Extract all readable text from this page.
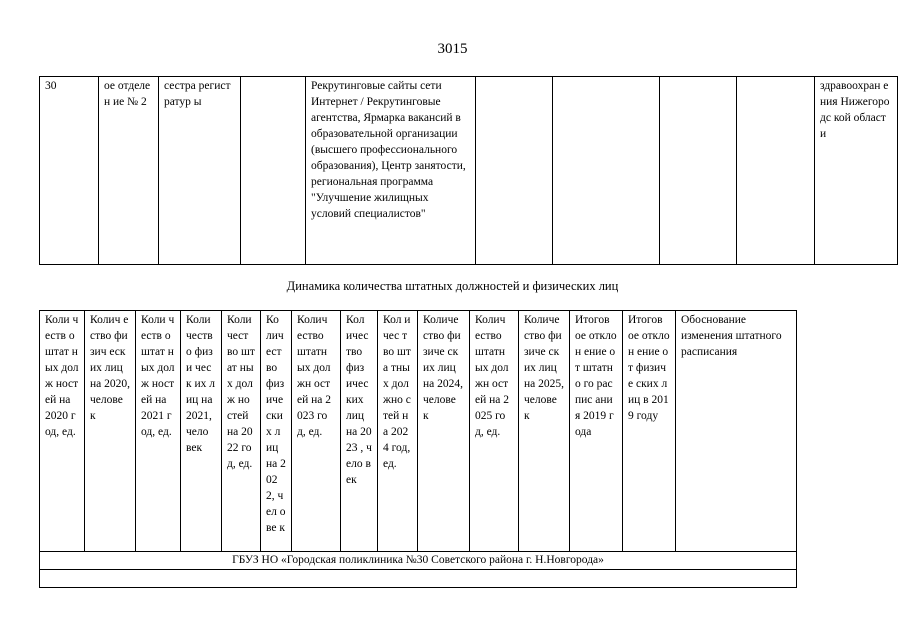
3015
30	ое отделен ие № 2	сестра регистратур ы		Рекрутинговые сайты сети Интернет / Рекрутинговые агентства, Ярмарка вакансий в образовательной организации (высшего профессионального образования), Центр занятости, региональная программа "Улучшение жилищных условий специалистов"					здравоохран ения Нижегородс кой области
Динамика количества штатных должностей и физических лиц
Коли честв о штат ных долж ностей на 2020 год, ед.	Колич ество физич еских лиц на 2020, челове к	Коли честв о штат ных долж ностей на 2021 год, ед.	Коли честв о физи ческ их лиц на 2021, чело век	Коли чест во штат ных долж ностей на 2022 год, ед.	Ко лич ест во физ иче ски х лиц на 202 2, чел ове к	Колич ество штатн ых должн остей на 2023 год, ед.	Кол ичес тво физ ичес ких лиц на 2023 , чело век	Кол ичес тво шта тны х дол жно стей на 2024 год, ед.	Количе ство физиче ских лиц на 2024, челове к	Колич ество штатн ых должн остей на 2025 год, ед.	Количе ство физиче ских лиц на 2025, челове к	Итогов ое отклон ение от штатно го распис ания 2019 года	Итогов ое отклон ение от физиче ских лиц в 2019 году	Обоснование изменения штатного расписания
ГБУЗ НО «Городская поликлиника №30 Советского района г. Н.Новгорода»
